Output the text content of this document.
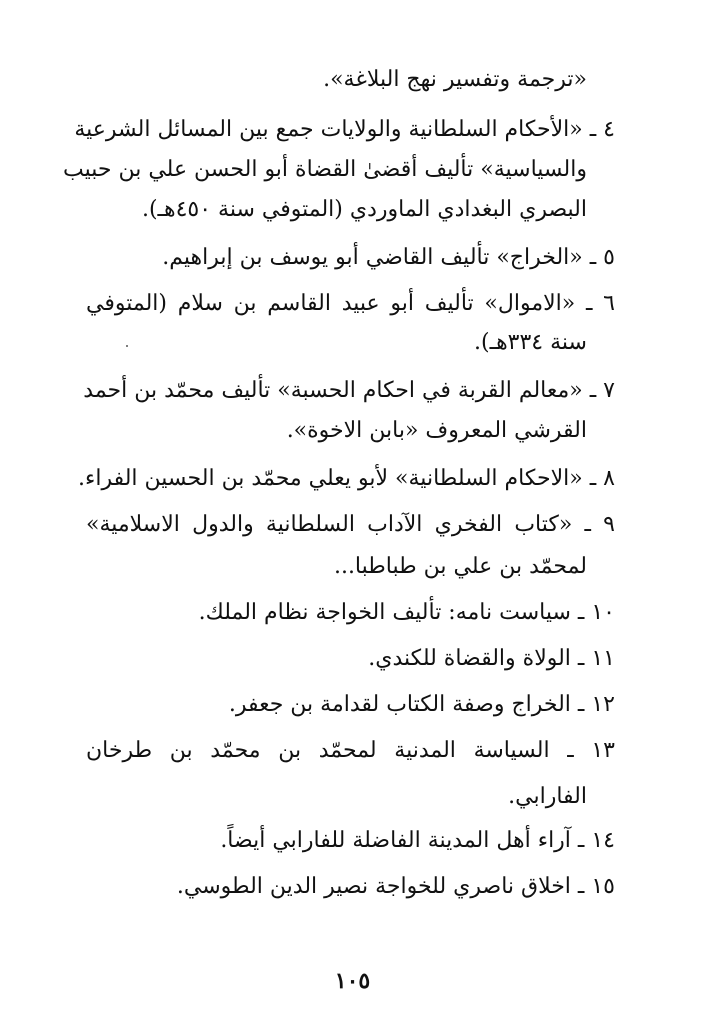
«ترجمة وتفسير نهج البلاغة».
٤ ـ «الأحكام السلطانية والولايات جمع بين المسائل الشرعية
والسياسية» تأليف أقضىٰ القضاة أبو الحسن علي بن حبيب
البصري البغدادي الماوردي (المتوفي سنة ٤٥٠هـ).
٥ ـ «الخراج» تأليف القاضي أبو يوسف بن إبراهيم.
٦ ـ «الاموال» تأليف أبو عبيد القاسم بن سلام (المتوفي
سنة ٣٣٤هـ).
٧ ـ «معالم القربة في احكام الحسبة» تأليف محمّد بن أحمد
القرشي المعروف «بابن الاخوة».
٨ ـ «الاحكام السلطانية» لأبو يعلي محمّد بن الحسين الفراء.
٩ ـ «كتاب الفخري الآداب السلطانية والدول الاسلامية»
لمحمّد بن علي بن طباطبا...
١٠ ـ سياست نامه: تأليف الخواجة نظام الملك.
١١ ـ الولاة والقضاة للكندي.
١٢ ـ الخراج وصفة الكتاب لقدامة بن جعفر.
١٣ ـ السياسة المدنية لمحمّد بن محمّد بن طرخان
الفارابي.
١٤ ـ آراء أهل المدينة الفاضلة للفارابي أيضاً.
١٥ ـ اخلاق ناصري للخواجة نصير الدين الطوسي.
١٠٥
